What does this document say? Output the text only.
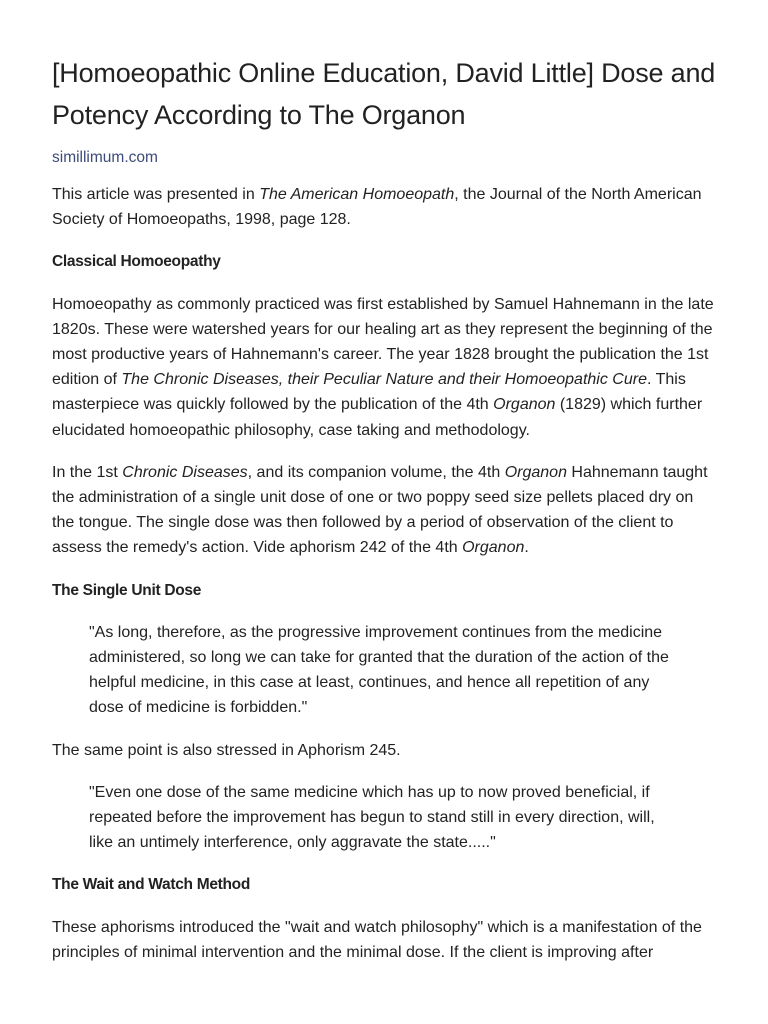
[Homoeopathic Online Education, David Little] Dose and Potency According to The Organon
simillimum.com

This article was presented in The American Homoeopath, the Journal of the North American Society of Homoeopaths, 1998, page 128.

Classical Homoeopathy

Homoeopathy as commonly practiced was first established by Samuel Hahnemann in the late 1820s. These were watershed years for our healing art as they represent the beginning of the most productive years of Hahnemann's career. The year 1828 brought the publication the 1st edition of The Chronic Diseases, their Peculiar Nature and their Homoeopathic Cure. This masterpiece was quickly followed by the publication of the 4th Organon (1829) which further elucidated homoeopathic philosophy, case taking and methodology.

In the 1st Chronic Diseases, and its companion volume, the 4th Organon Hahnemann taught the administration of a single unit dose of one or two poppy seed size pellets placed dry on the tongue. The single dose was then followed by a period of observation of the client to assess the remedy's action. Vide aphorism 242 of the 4th Organon.

The Single Unit Dose
"As long, therefore, as the progressive improvement continues from the medicine administered, so long we can take for granted that the duration of the action of the helpful medicine, in this case at least, continues, and hence all repetition of any dose of medicine is forbidden."

The same point is also stressed in Aphorism 245.

"Even one dose of the same medicine which has up to now proved beneficial, if repeated before the improvement has begun to stand still in every direction, will, like an untimely interference, only aggravate the state....."
The Wait and Watch Method

These aphorisms introduced the "wait and watch philosophy" which is a manifestation of the principles of minimal intervention and the minimal dose. If the client is improving after
